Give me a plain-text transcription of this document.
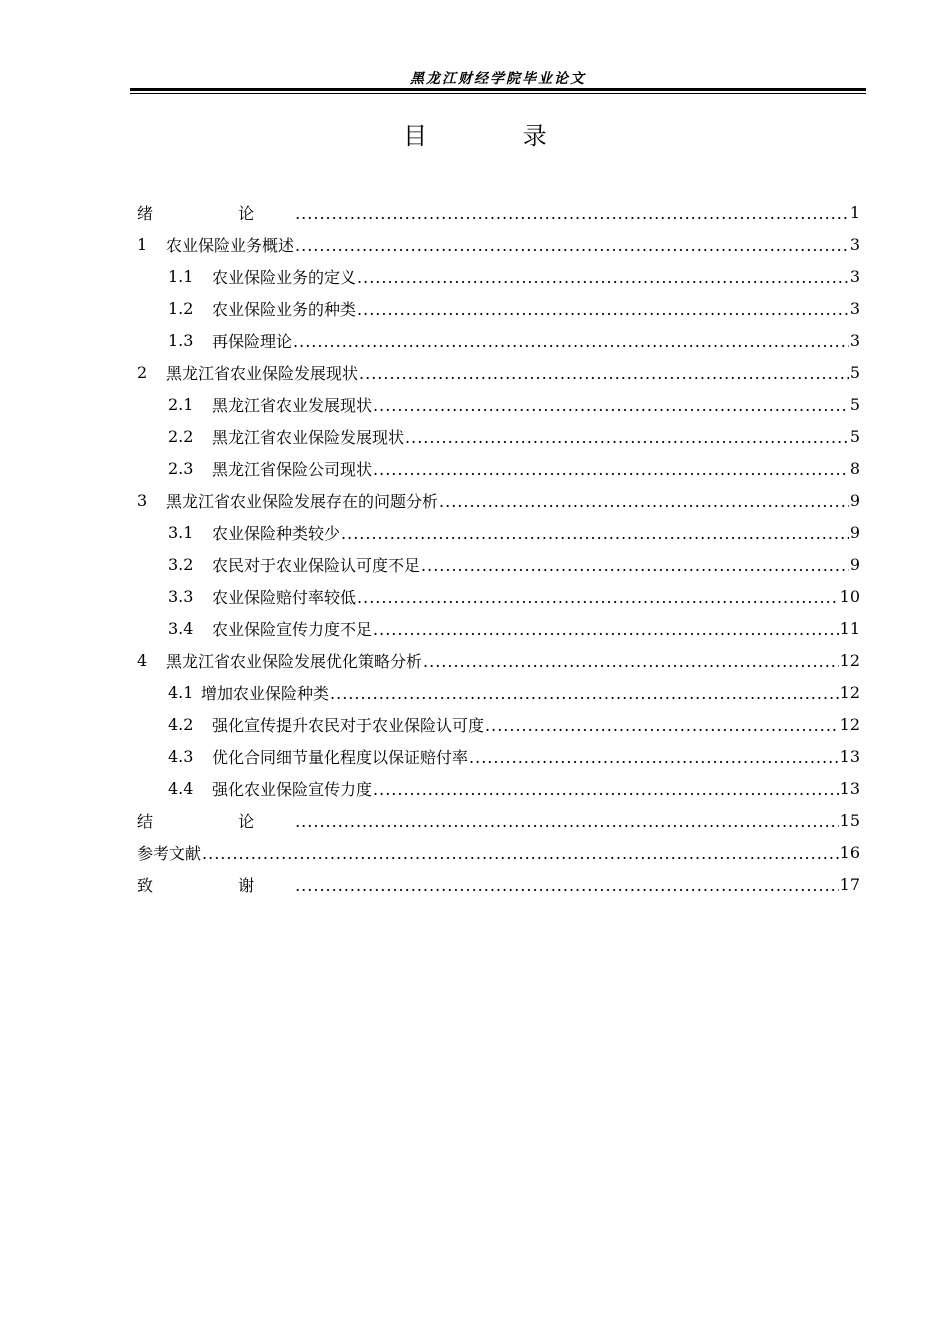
黑龙江财经学院毕业论文
目 录
绪 论 .....	1
1	农业保险业务概述 .....	3
1.1	农业保险业务的定义 .....	3
1.2	农业保险业务的种类 .....	3
1.3	再保险理论 .....	3
2	黑龙江省农业保险发展现状 .....	5
2.1	黑龙江省农业发展现状 .....	5
2.2	黑龙江省农业保险发展现状 .....	5
2.3	黑龙江省保险公司现状 .....	8
3	黑龙江省农业保险发展存在的问题分析 .....	9
3.1	农业保险种类较少 .....	9
3.2	农民对于农业保险认可度不足 .....	9
3.3	农业保险赔付率较低 .....	10
3.4	农业保险宣传力度不足 .....	11
4	黑龙江省农业保险发展优化策略分析 .....	12
4.1 增加农业保险种类 .....	12
4.2	强化宣传提升农民对于农业保险认可度 .....	12
4.3	优化合同细节量化程度以保证赔付率 .....	13
4.4	强化农业保险宣传力度 .....	13
结 论 .....	15
参考文献 .....	16
致 谢 .....	17
